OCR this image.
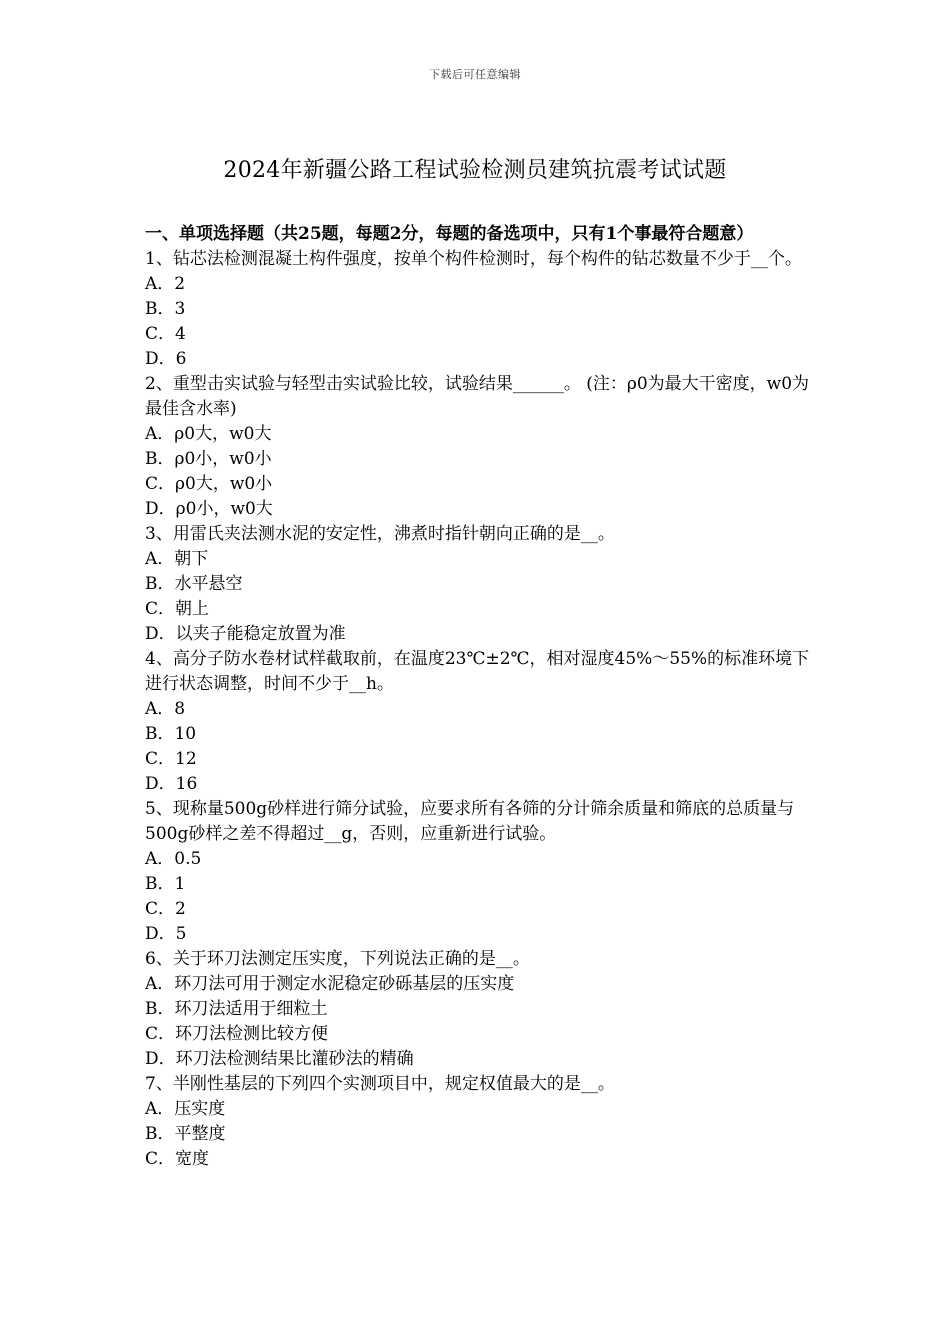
下载后可任意编辑
2024年新疆公路工程试验检测员建筑抗震考试试题

一、单项选择题（共25题，每题2分，每题的备选项中，只有1个事最符合题意）

1、钻芯法检测混凝土构件强度，按单个构件检测时，每个构件的钻芯数量不少于__个。

A．2
B．3
C．4
D．6

2、重型击实试验与轻型击实试验比较，试验结果______。 (注：ρ0为最大干密度，w0为最佳含水率)

A．ρ0大，w0大
B．ρ0小，w0小
C．ρ0大，w0小
D．ρ0小，w0大

3、用雷氏夹法测水泥的安定性，沸煮时指针朝向正确的是__。

A．朝下
B．水平悬空
C．朝上
D．以夹子能稳定放置为准

4、高分子防水卷材试样截取前，在温度23℃±2℃，相对湿度45%～55%的标准环境下进行状态调整，时间不少于__h。

A．8
B．10
C．12
D．16

5、现称量500g砂样进行筛分试验，应要求所有各筛的分计筛余质量和筛底的总质量与500g砂样之差不得超过__g，否则，应重新进行试验。

A．0.5
B．1
C．2
D．5

6、关于环刀法测定压实度，下列说法正确的是__。

A．环刀法可用于测定水泥稳定砂砾基层的压实度
B．环刀法适用于细粒土
C．环刀法检测比较方便
D．环刀法检测结果比灌砂法的精确

7、半刚性基层的下列四个实测项目中，规定权值最大的是__。

A．压实度
B．平整度
C．宽度
